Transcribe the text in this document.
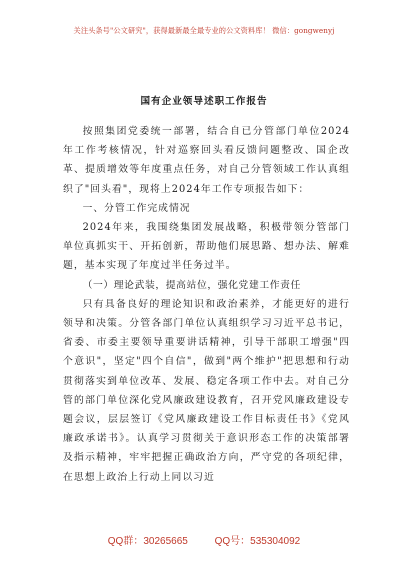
关注头条号"公文研究"，获得最新最全最专业的公文资料库！ 微信：gongwenyj
国有企业领导述职工作报告

按照集团党委统一部署，结合自已分管部门单位2024年工作考核情况，针对巡察回头看反馈问题整改、国企改革、提质增效等年度重点任务，对自己分管领域工作认真组织了"回头看"，现将上2024年工作专项报告如下：

一、分管工作完成情况

2024年来，我围绕集团发展战略，积极带领分管部门单位真抓实干、开拓创新，帮助他们展思路、想办法、解难题，基本实现了年度过半任务过半。

（一）理论武装，提高站位，强化党建工作责任

只有具备良好的理论知识和政治素养，才能更好的进行领导和决策。分管各部门单位认真组织学习习近平总书记，省委、市委主要领导重要讲话精神，引导干部职工增强"四个意识"，坚定"四个自信"，做到"两个维护"把思想和行动贯彻落实到单位改革、发展、稳定各项工作中去。对自己分管的部门单位深化党风廉政建设教育，召开党风廉政建设专题会议，层层签订《党风廉政建设工作目标责任书》《党风廉政承诺书》。认真学习贯彻关于意识形态工作的决策部署及指示精神，牢牢把握正确政治方向，严守党的各项纪律，在思想上政治上行动上同以习近

QQ群：30265665	QQ号：535304092
